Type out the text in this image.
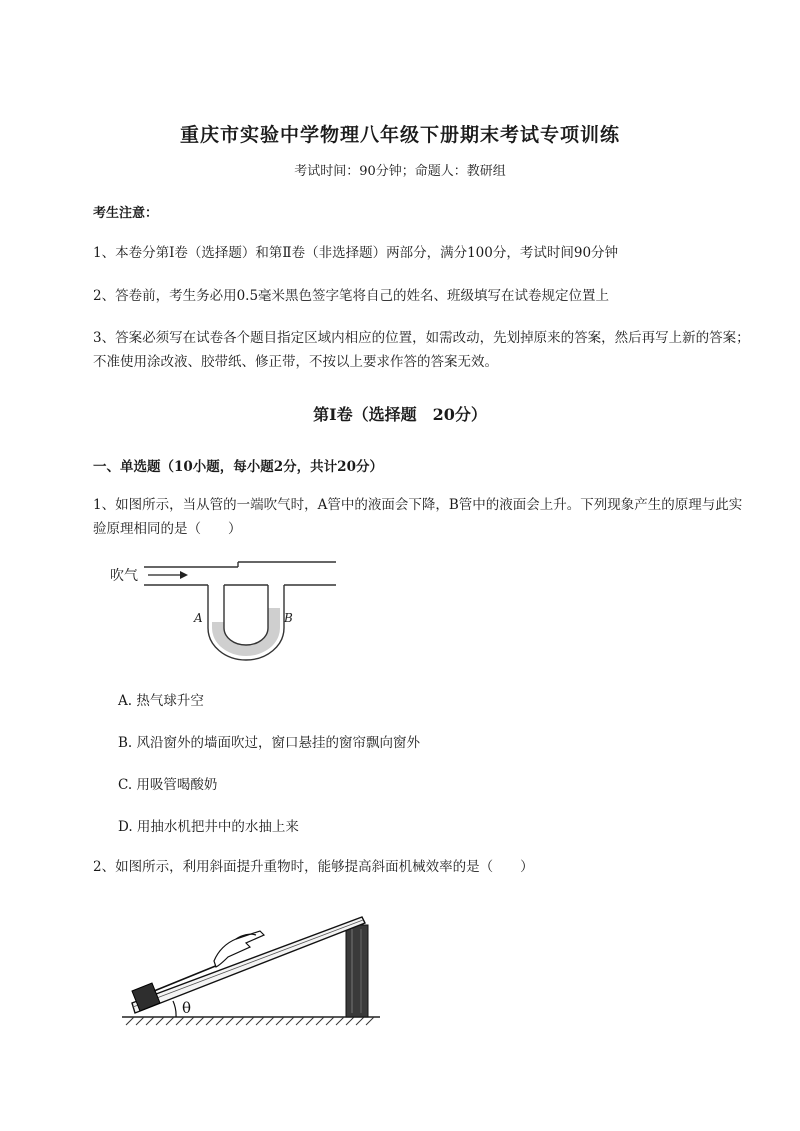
重庆市实验中学物理八年级下册期末考试专项训练
考试时间：90分钟；命题人：教研组
考生注意：
1、本卷分第I卷（选择题）和第Ⅱ卷（非选择题）两部分，满分100分，考试时间90分钟
2、答卷前，考生务必用0.5毫米黑色签字笔将自己的姓名、班级填写在试卷规定位置上
3、答案必须写在试卷各个题目指定区域内相应的位置，如需改动，先划掉原来的答案，然后再写上新的答案；不准使用涂改液、胶带纸、修正带，不按以上要求作答的答案无效。
第I卷（选择题　20分）
一、单选题（10小题，每小题2分，共计20分）
1、如图所示，当从管的一端吹气时，A管中的液面会下降，B管中的液面会上升。下列现象产生的原理与此实验原理相同的是（　　）
吹气
A	B
A. 热气球升空
B. 风沿窗外的墙面吹过，窗口悬挂的窗帘飘向窗外
C. 用吸管喝酸奶
D. 用抽水机把井中的水抽上来
2、如图所示，利用斜面提升重物时，能够提高斜面机械效率的是（　　）
θ
